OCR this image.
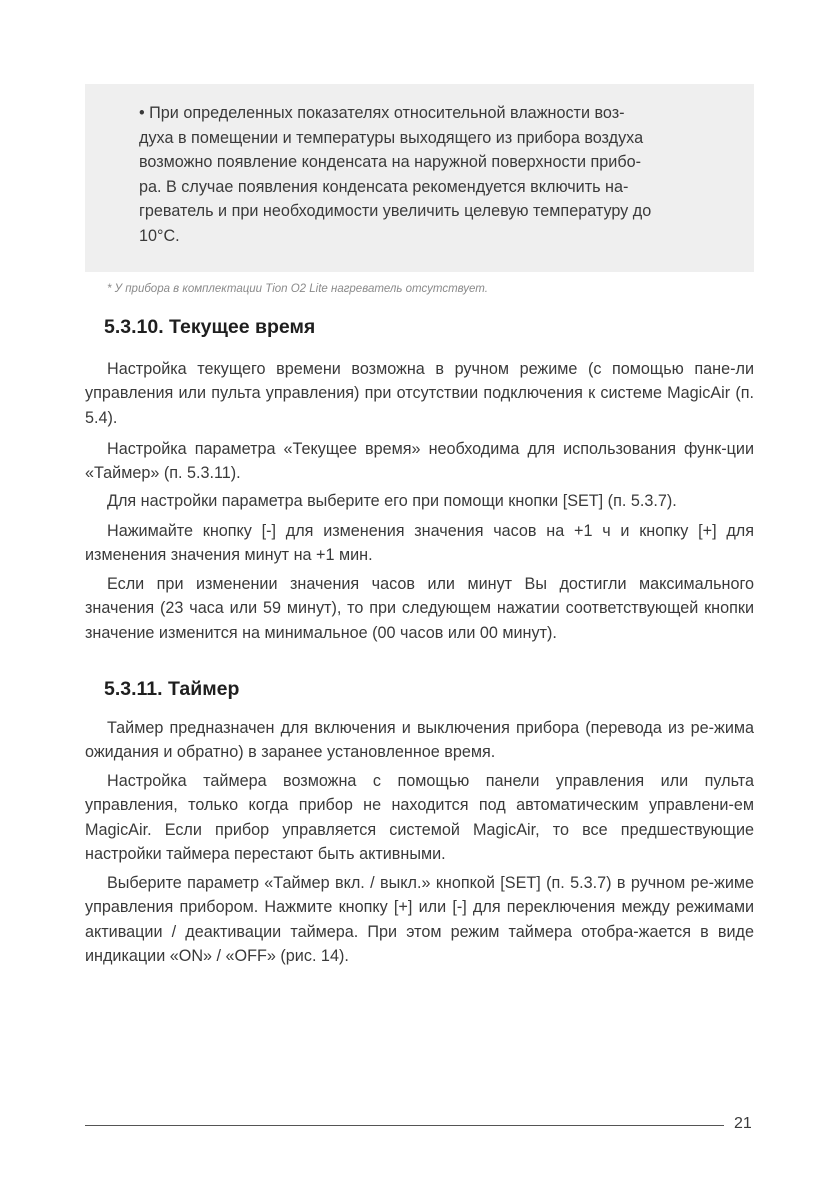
• При определенных показателях относительной влажности воз-
духа в помещении и температуры выходящего из прибора воздуха
возможно появление конденсата на наружной поверхности прибо-
ра. В случае появления конденсата рекомендуется включить на-
греватель и при необходимости увеличить целевую температуру до
10°C.

* У прибора в комплектации Tion O2 Lite нагреватель отсутствует.

5.3.10. Текущее время

Настройка текущего времени возможна в ручном режиме (с помощью пане-ли управления или пульта управления) при отсутствии подключения к системе MagicAir (п. 5.4).

Настройка параметра «Текущее время» необходима для использования функ-ции «Таймер» (п. 5.3.11).

Для настройки параметра выберите его при помощи кнопки [SET] (п. 5.3.7).

Нажимайте кнопку [-] для изменения значения часов на +1 ч и кнопку [+] для изменения значения минут на +1 мин.

Если при изменении значения часов или минут Вы достигли максимального значения (23 часа или 59 минут), то при следующем нажатии соответствующей кнопки значение изменится на минимальное (00 часов или 00 минут).

5.3.11. Таймер

Таймер предназначен для включения и выключения прибора (перевода из ре-жима ожидания и обратно) в заранее установленное время.

Настройка таймера возможна с помощью панели управления или пульта управления, только когда прибор не находится под автоматическим управлени-ем MagicAir. Если прибор управляется системой MagicAir, то все предшествующие настройки таймера перестают быть активными.

Выберите параметр «Таймер вкл. / выкл.» кнопкой [SET] (п. 5.3.7) в ручном ре-жиме управления прибором. Нажмите кнопку [+] или [-] для переключения между режимами активации / деактивации таймера. При этом режим таймера отобра-жается в виде индикации «ON» / «OFF» (рис. 14).

21
